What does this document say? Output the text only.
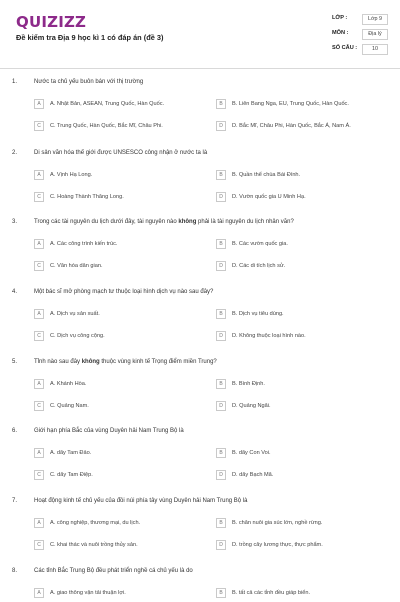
QUIZIZZ
Đề kiểm tra Địa 9 học kì 1 có đáp án (đề 3)
LỚP :	Lớp 9
MÔN :	Địa lý
SỐ CÂU :	10
1.	Nước ta chủ yếu buôn bán với thị trường
A	A. Nhật Bản, ASEAN, Trung Quốc, Hàn Quốc.	B	B. Liên Bang Nga, EU, Trung Quốc, Hàn Quốc.
C	C. Trung Quốc, Hàn Quốc, Bắc Mĩ, Châu Phi.	D	D. Bắc Mĩ, Châu Phi, Hàn Quốc, Bắc Á, Nam Á.
2.	Di sản văn hóa thế giới được UNSESCO công nhận ở nước ta là
A	A. Vịnh Hạ Long.	B	B. Quần thể chùa Bái Đính.
C	C. Hoàng Thành Thăng Long.	D	D. Vườn quốc gia U Minh Hạ.
3.	Trong các tài nguyên du lịch dưới đây, tài nguyên nào không phải là tài nguyên du lịch nhân văn?
A	A. Các công trình kiến trúc.	B	B. Các vườn quốc gia.
C	C. Văn hóa dân gian.	D	D. Các di tích lịch sử.
4.	Một bác sĩ mở phòng mạch tư thuộc loại hình dịch vụ nào sau đây?
A	A. Dịch vụ sản xuất.	B	B. Dịch vụ tiêu dùng.
C	C. Dịch vụ công cộng.	D	D. Không thuộc loại hình nào.
5.	Tỉnh nào sau đây không thuộc vùng kinh tế Trọng điểm miền Trung?
A	A. Khánh Hòa.	B	B. Bình Định.
C	C. Quảng Nam.	D	D. Quảng Ngãi.
6.	Giới hạn phía Bắc của vùng Duyên hải Nam Trung Bộ là
A	A. dãy Tam Đảo.	B	B. dãy Con Voi.
C	C. dãy Tam Điệp.	D	D. dãy Bạch Mã.
7.	Hoạt động kinh tế chủ yếu của đồi núi phía tây vùng Duyên hải Nam Trung Bộ là
A	A. công nghiệp, thương mại, du lịch.	B	B. chăn nuôi gia súc lớn, nghề rừng.
C	C. khai thác và nuôi trồng thủy sản.	D	D. trồng cây lương thực, thực phẩm.
8.	Các tỉnh Bắc Trung Bộ đều phát triển nghề cá chủ yếu là do
A	A. giao thông vận tải thuận lợi.	B	B. tất cả các tỉnh đều giáp biển.
